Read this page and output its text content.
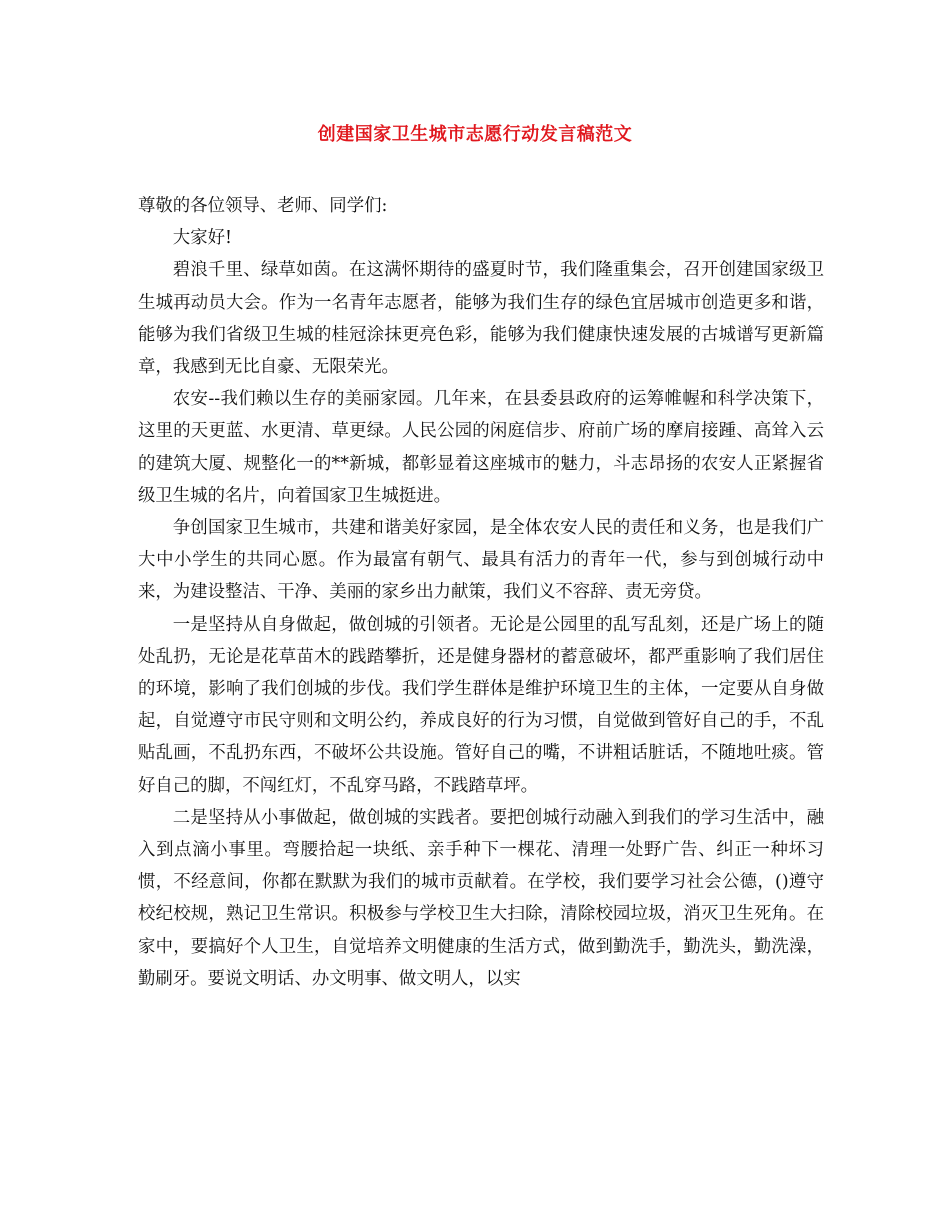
创建国家卫生城市志愿行动发言稿范文

尊敬的各位领导、老师、同学们:

大家好!

碧浪千里、绿草如茵。在这满怀期待的盛夏时节，我们隆重集会，召开创建国家级卫生城再动员大会。作为一名青年志愿者，能够为我们生存的绿色宜居城市创造更多和谐，能够为我们省级卫生城的桂冠涂抹更亮色彩，能够为我们健康快速发展的古城谱写更新篇章，我感到无比自豪、无限荣光。

农安--我们赖以生存的美丽家园。几年来，在县委县政府的运筹帷幄和科学决策下，这里的天更蓝、水更清、草更绿。人民公园的闲庭信步、府前广场的摩肩接踵、高耸入云的建筑大厦、规整化一的**新城，都彰显着这座城市的魅力，斗志昂扬的农安人正紧握省级卫生城的名片，向着国家卫生城挺进。

争创国家卫生城市，共建和谐美好家园，是全体农安人民的责任和义务，也是我们广大中小学生的共同心愿。作为最富有朝气、最具有活力的青年一代，参与到创城行动中来，为建设整洁、干净、美丽的家乡出力献策，我们义不容辞、责无旁贷。

一是坚持从自身做起，做创城的引领者。无论是公园里的乱写乱刻，还是广场上的随处乱扔，无论是花草苗木的践踏攀折，还是健身器材的蓄意破坏，都严重影响了我们居住的环境，影响了我们创城的步伐。我们学生群体是维护环境卫生的主体，一定要从自身做起，自觉遵守市民守则和文明公约，养成良好的行为习惯，自觉做到管好自己的手，不乱贴乱画，不乱扔东西，不破坏公共设施。管好自己的嘴，不讲粗话脏话，不随地吐痰。管好自己的脚，不闯红灯，不乱穿马路，不践踏草坪。

二是坚持从小事做起，做创城的实践者。要把创城行动融入到我们的学习生活中，融入到点滴小事里。弯腰拾起一块纸、亲手种下一棵花、清理一处野广告、纠正一种坏习惯，不经意间，你都在默默为我们的城市贡献着。在学校，我们要学习社会公德，()遵守校纪校规，熟记卫生常识。积极参与学校卫生大扫除，清除校园垃圾，消灭卫生死角。在家中，要搞好个人卫生，自觉培养文明健康的生活方式，做到勤洗手，勤洗头，勤洗澡，勤刷牙。要说文明话、办文明事、做文明人，以实
